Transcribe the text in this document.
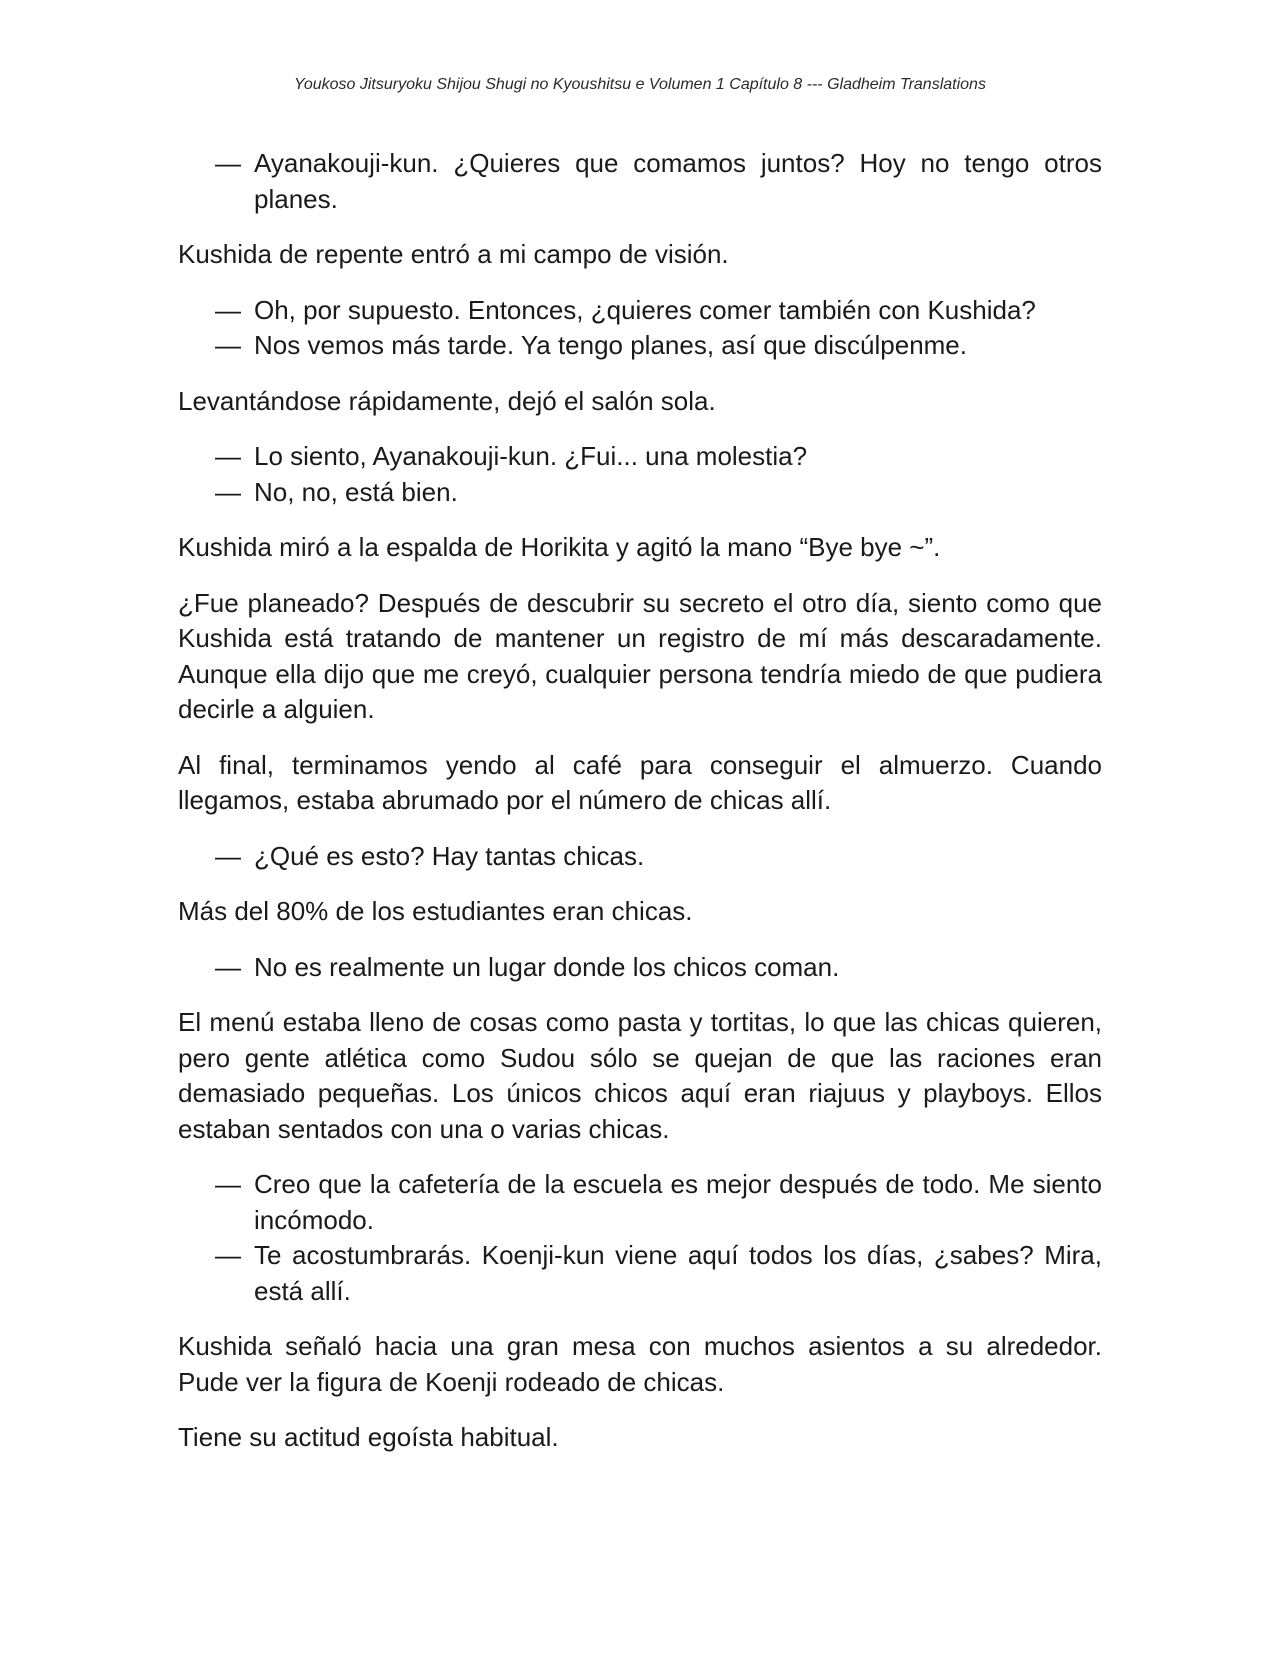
Youkoso Jitsuryoku Shijou Shugi no Kyoushitsu e Volumen 1 Capítulo 8 --- Gladheim Translations

— Ayanakouji-kun. ¿Quieres que comamos juntos? Hoy no tengo otros planes.

Kushida de repente entró a mi campo de visión.

— Oh, por supuesto. Entonces, ¿quieres comer también con Kushida?

— Nos vemos más tarde. Ya tengo planes, así que discúlpenme.

Levantándose rápidamente, dejó el salón sola.

— Lo siento, Ayanakouji-kun. ¿Fui... una molestia?

— No, no, está bien.

Kushida miró a la espalda de Horikita y agitó la mano “Bye bye ~”.

¿Fue planeado? Después de descubrir su secreto el otro día, siento como que Kushida está tratando de mantener un registro de mí más descaradamente. Aunque ella dijo que me creyó, cualquier persona tendría miedo de que pudiera decirle a alguien.

Al final, terminamos yendo al café para conseguir el almuerzo. Cuando llegamos, estaba abrumado por el número de chicas allí.

— ¿Qué es esto? Hay tantas chicas.

Más del 80% de los estudiantes eran chicas.

— No es realmente un lugar donde los chicos coman.

El menú estaba lleno de cosas como pasta y tortitas, lo que las chicas quieren, pero gente atlética como Sudou sólo se quejan de que las raciones eran demasiado pequeñas. Los únicos chicos aquí eran riajuus y playboys. Ellos estaban sentados con una o varias chicas.

— Creo que la cafetería de la escuela es mejor después de todo. Me siento incómodo.

— Te acostumbrarás. Koenji-kun viene aquí todos los días, ¿sabes? Mira, está allí.

Kushida señaló hacia una gran mesa con muchos asientos a su alrededor. Pude ver la figura de Koenji rodeado de chicas.

Tiene su actitud egoísta habitual.
